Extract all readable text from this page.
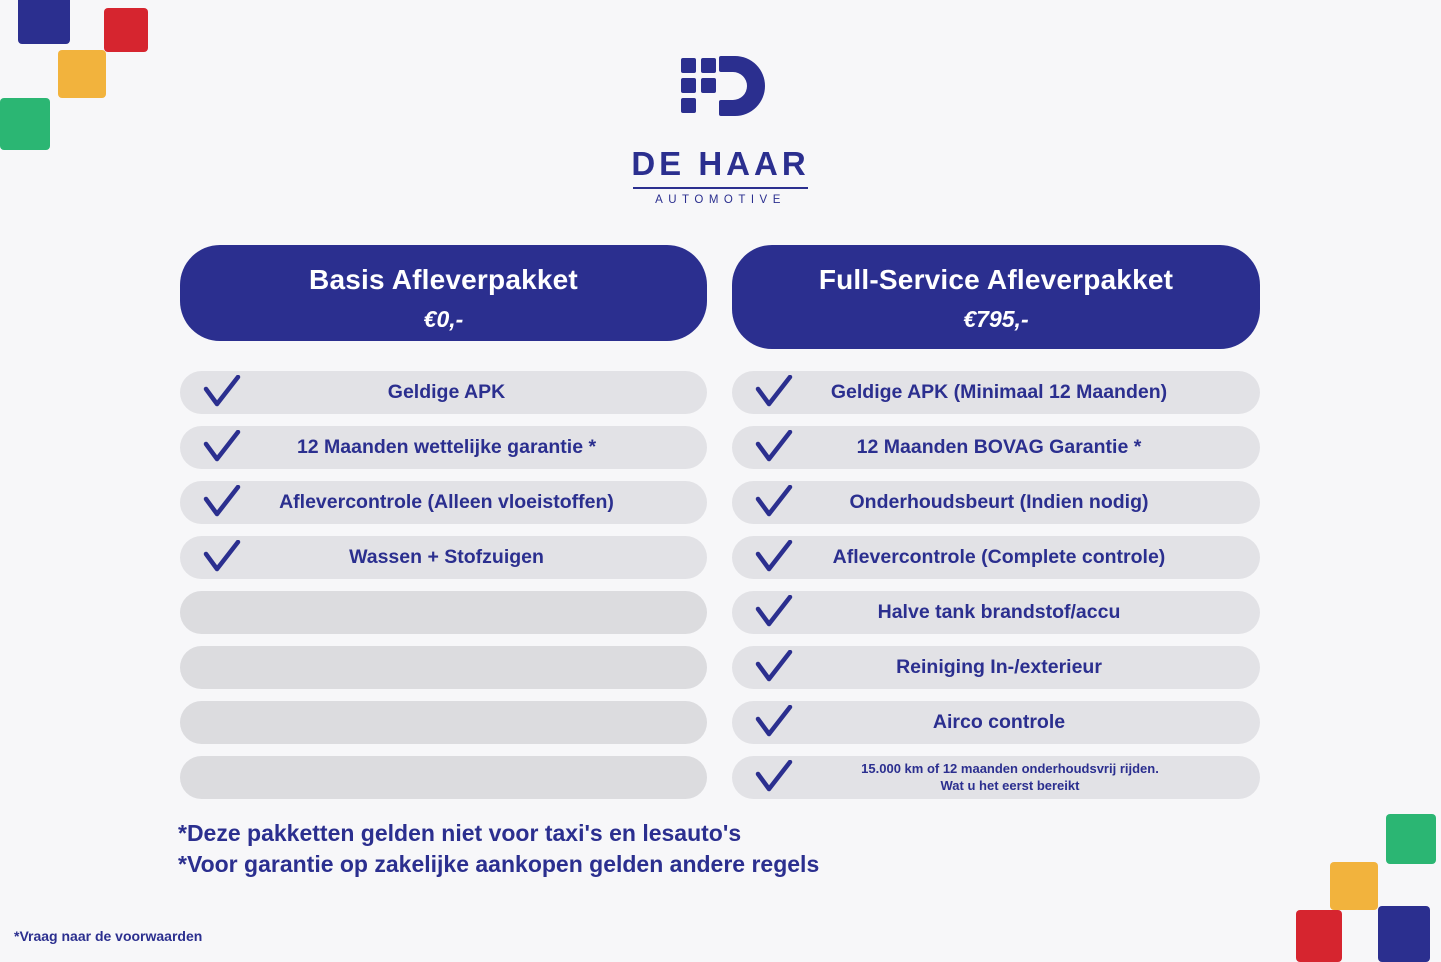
DE HAAR
AUTOMOTIVE
Basis Afleverpakket
€0,-
Geldige APK
12 Maanden wettelijke garantie *
Aflevercontrole (Alleen vloeistoffen)
Wassen + Stofzuigen
Full-Service Afleverpakket
€795,-
Geldige APK (Minimaal 12 Maanden)
12 Maanden BOVAG Garantie *
Onderhoudsbeurt (Indien nodig)
Aflevercontrole (Complete controle)
Halve tank brandstof/accu
Reiniging In-/exterieur
Airco controle
15.000 km of 12 maanden onderhoudsvrij rijden.
Wat u het eerst bereikt
*Deze pakketten gelden niet voor taxi's en lesauto's
*Voor garantie op zakelijke aankopen gelden andere regels
*Vraag naar de voorwaarden
